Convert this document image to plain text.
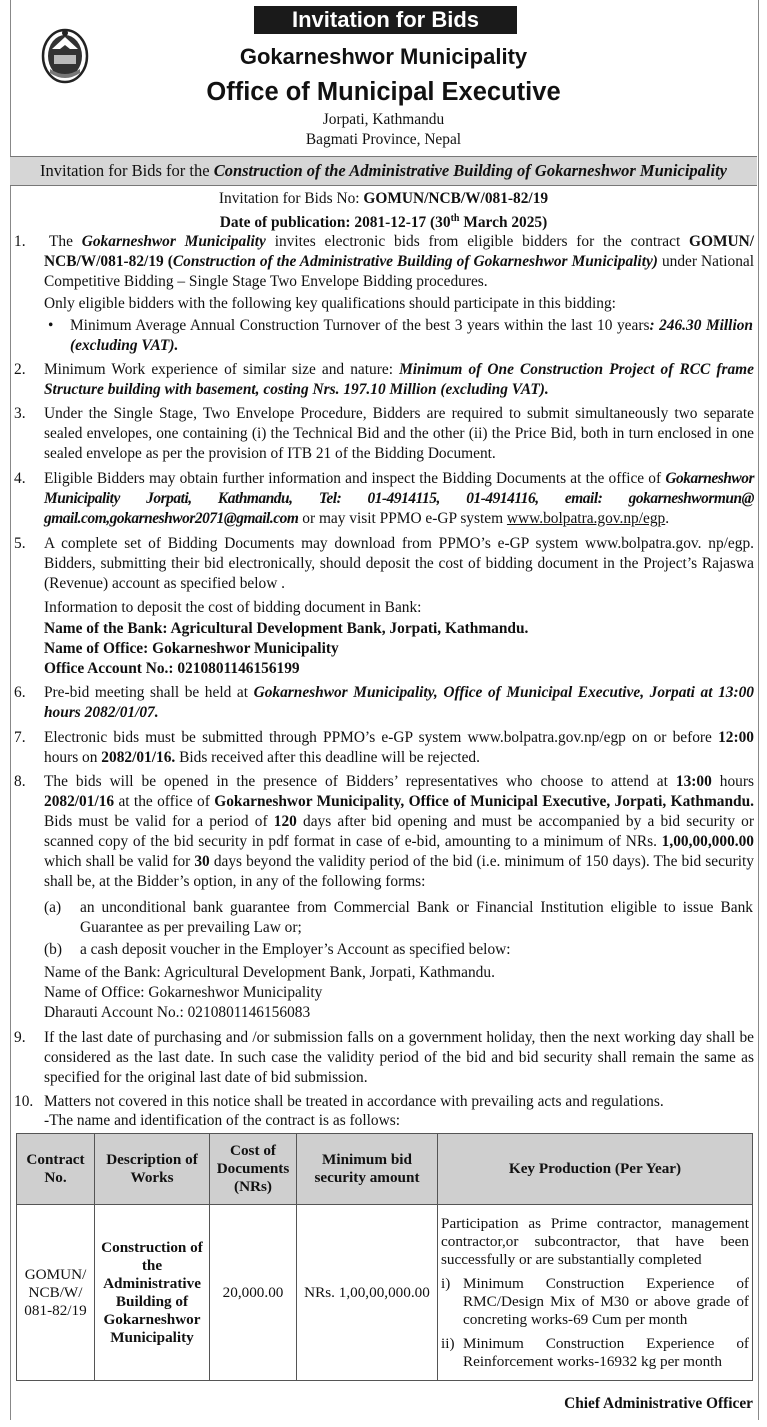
Invitation for Bids
Gokarneshwor Municipality
Office of Municipal Executive
Jorpati, Kathmandu
Bagmati Province, Nepal
Invitation for Bids for the Construction of the Administrative Building of Gokarneshwor Municipality
Invitation for Bids No: GOMUN/NCB/W/081-82/19
Date of publication: 2081-12-17 (30th March 2025)
1.	The Gokarneshwor Municipality invites electronic bids from eligible bidders for the contract GOMUN/ NCB/W/081-82/19 (Construction of the Administrative Building of Gokarneshwor Municipality) under National Competitive Bidding – Single Stage Two Envelope Bidding procedures.
Only eligible bidders with the following key qualifications should participate in this bidding:
• Minimum Average Annual Construction Turnover of the best 3 years within the last 10 years: 246.30 Million (excluding VAT).
2. Minimum Work experience of similar size and nature: Minimum of One Construction Project of RCC frame Structure building with basement, costing Nrs. 197.10 Million (excluding VAT).
3. Under the Single Stage, Two Envelope Procedure, Bidders are required to submit simultaneously two separate sealed envelopes, one containing (i) the Technical Bid and the other (ii) the Price Bid, both in turn enclosed in one sealed envelope as per the provision of ITB 21 of the Bidding Document.
4. Eligible Bidders may obtain further information and inspect the Bidding Documents at the office of Gokarneshwor Municipality Jorpati, Kathmandu, Tel: 01-4914115, 01-4914116, email: gokarneshwormun@ gmail.com,gokarneshwor2071@gmail.com or may visit PPMO e-GP system www.bolpatra.gov.np/egp.
5. A complete set of Bidding Documents may download from PPMO’s e-GP system www.bolpatra.gov. np/egp. Bidders, submitting their bid electronically, should deposit the cost of bidding document in the Project’s Rajaswa (Revenue) account as specified below .
Information to deposit the cost of bidding document in Bank:
Name of the Bank: Agricultural Development Bank, Jorpati, Kathmandu.
Name of Office: Gokarneshwor Municipality
Office Account No.: 0210801146156199
6. Pre-bid meeting shall be held at Gokarneshwor Municipality, Office of Municipal Executive, Jorpati at 13:00 hours 2082/01/07.
7. Electronic bids must be submitted through PPMO’s e-GP system www.bolpatra.gov.np/egp on or before 12:00 hours on 2082/01/16. Bids received after this deadline will be rejected.
8. The bids will be opened in the presence of Bidders’ representatives who choose to attend at 13:00 hours 2082/01/16 at the office of Gokarneshwor Municipality, Office of Municipal Executive, Jorpati, Kathmandu. Bids must be valid for a period of 120 days after bid opening and must be accompanied by a bid security or scanned copy of the bid security in pdf format in case of e-bid, amounting to a minimum of NRs. 1,00,00,000.00 which shall be valid for 30 days beyond the validity period of the bid (i.e. minimum of 150 days). The bid security shall be, at the Bidder’s option, in any of the following forms:
(a) an unconditional bank guarantee from Commercial Bank or Financial Institution eligible to issue Bank Guarantee as per prevailing Law or;
(b) a cash deposit voucher in the Employer’s Account as specified below:
Name of the Bank: Agricultural Development Bank, Jorpati, Kathmandu.
Name of Office: Gokarneshwor Municipality
Dharauti Account No.: 0210801146156083
9. If the last date of purchasing and /or submission falls on a government holiday, then the next working day shall be considered as the last date. In such case the validity period of the bid and bid security shall remain the same as specified for the original last date of bid submission.
10. Matters not covered in this notice shall be treated in accordance with prevailing acts and regulations.
-The name and identification of the contract is as follows:
Contract No.	Description of Works	Cost of Documents (NRs)	Minimum bid security amount	Key Production (Per Year)
GOMUN/ NCB/W/ 081-82/19	Construction of the Administrative Building of Gokarneshwor Municipality	20,000.00	NRs. 1,00,00,000.00	Participation as Prime contractor, management contractor,or subcontractor, that have been successfully or are substantially completed
i) Minimum Construction Experience of RMC/Design Mix of M30 or above grade of concreting works-69 Cum per month
ii) Minimum Construction Experience of Reinforcement works-16932 kg per month
Chief Administrative Officer
